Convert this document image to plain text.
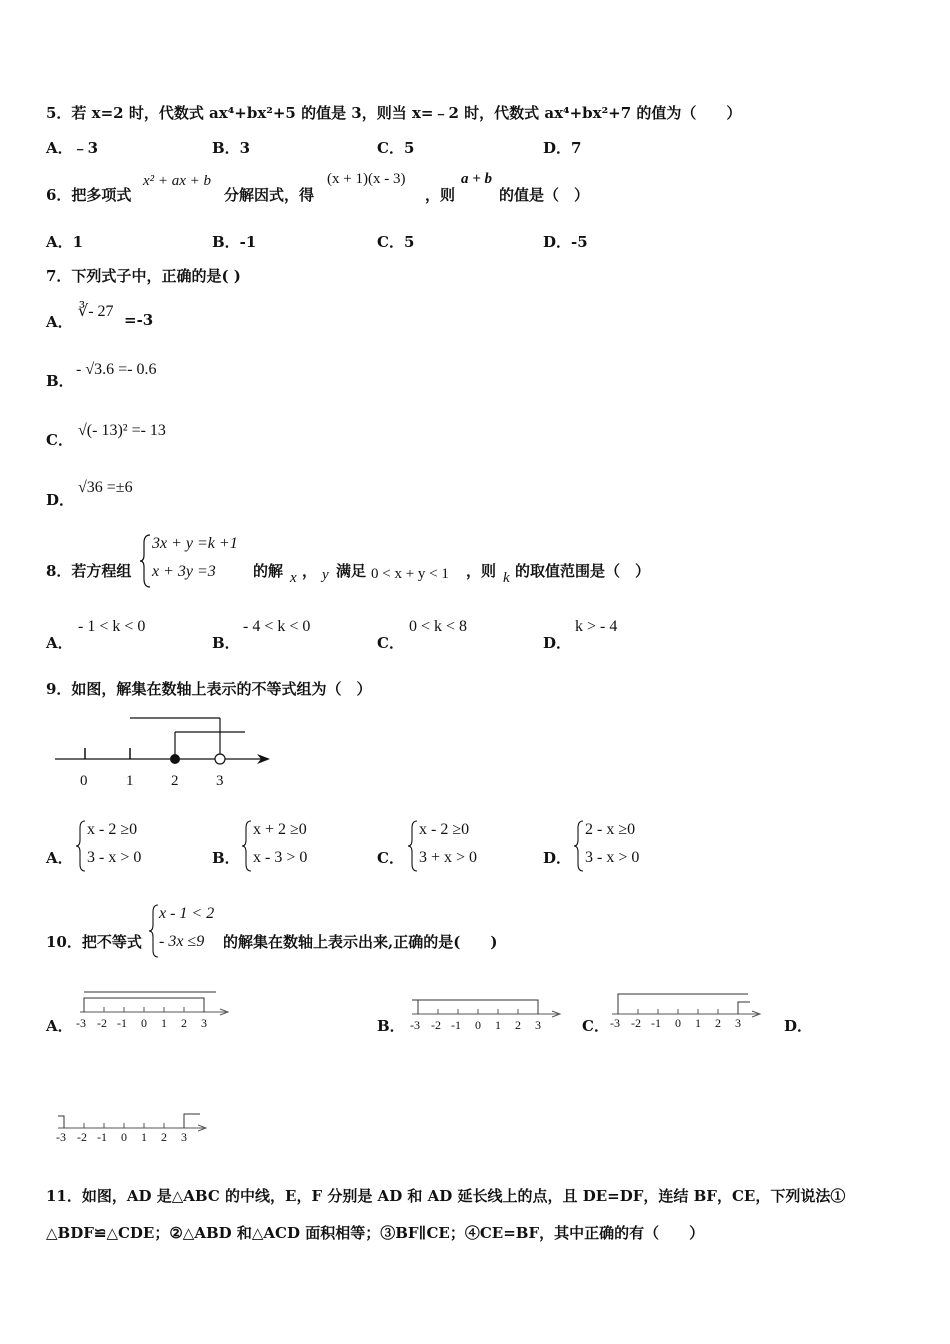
5．若 x=2 时，代数式 ax⁴+bx²+5 的值是 3，则当 x=﹣2 时，代数式 ax⁴+bx²+7 的值为（　　）
A．﹣3	B．3	C．5	D．7
6．把多项式
x² + ax + b
分解因式，得
(x + 1)(x - 3)
，则
a + b
的值是（　）
A．1	B．-1	C．5	D．-5
7．下列式子中，正确的是( )
A．
∛- 27 =-3
B．
- √3.6 =- 0.6
C．
√(- 13)² =- 13
D．
√36 =±6
8．若方程组
3x + y =k +1
x + 3y =3 的解 x ， y 满足 0 < x + y < 1 ，则 k 的取值范围是（　）
A．
- 1 < k < 0
B．
- 4 < k < 0
C．
0 < k < 8
D．
k > - 4
9．如图，解集在数轴上表示的不等式组为（　）
0	1	2	3
A．
x - 2 ≥0
3 - x > 0	B．
x + 2 ≥0
x - 3 > 0	C．
x - 2 ≥0
3 + x > 0	D．
2 - x ≥0
3 - x > 0
10．把不等式
x - 1 < 2
- 3x ≤9 的解集在数轴上表示出来,正确的是(　　)
A． -3 -2 -1 0 1 2 3	B． -3 -2 -1 0 1 2 3	C． -3 -2 -1 0 1 2 3	D．
-3 -2 -1 0 1 2 3
11．如图，AD 是△ABC 的中线，E，F 分别是 AD 和 AD 延长线上的点，且 DE=DF，连结 BF，CE，下列说法①
△BDF≌△CDE；②△ABD 和△ACD 面积相等；③BF∥CE；④CE=BF，其中正确的有（　　）
